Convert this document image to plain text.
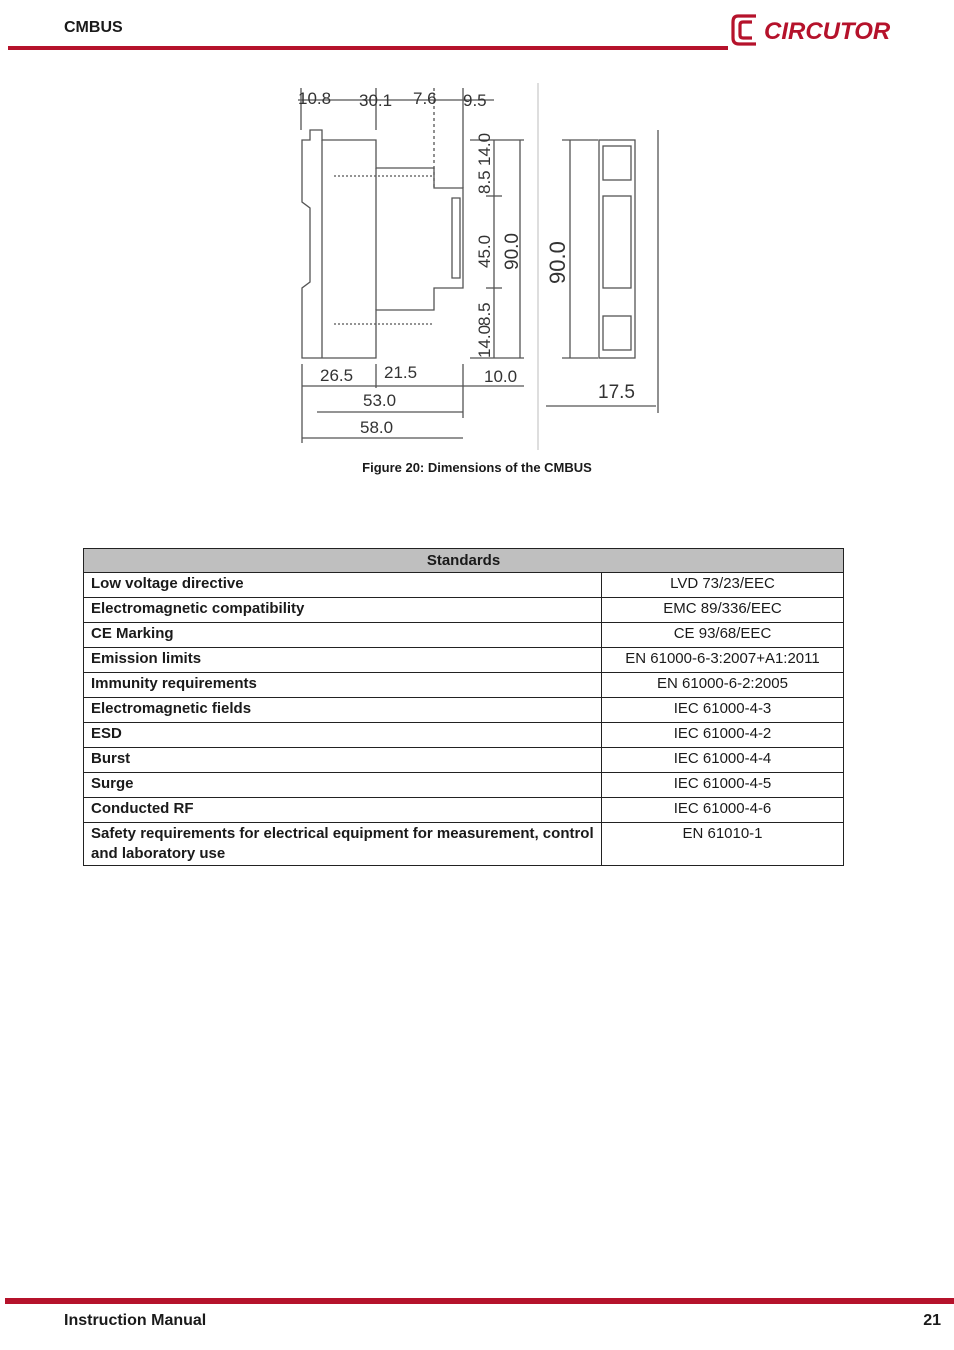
CMBUS	CIRCUTOR
10.8 30.1 7.6 9.5
14.0
8.5
45.0
8.5
14.0
90.0
26.5 21.5	10.0
53.0
58.0
90.0
17.5
Figure 20: Dimensions of the CMBUS
Standards	
Low voltage directive	LVD 73/23/EEC
Electromagnetic compatibility	EMC 89/336/EEC
CE Marking	CE 93/68/EEC
Emission limits	EN 61000-6-3:2007+A1:2011
Immunity requirements	EN 61000-6-2:2005
Electromagnetic fields	IEC 61000-4-3
ESD	IEC 61000-4-2
Burst	IEC 61000-4-4
Surge	IEC 61000-4-5
Conducted RF	IEC 61000-4-6
Safety requirements for electrical equipment for measurement, control and laboratory use	EN 61010-1
Instruction Manual	21
